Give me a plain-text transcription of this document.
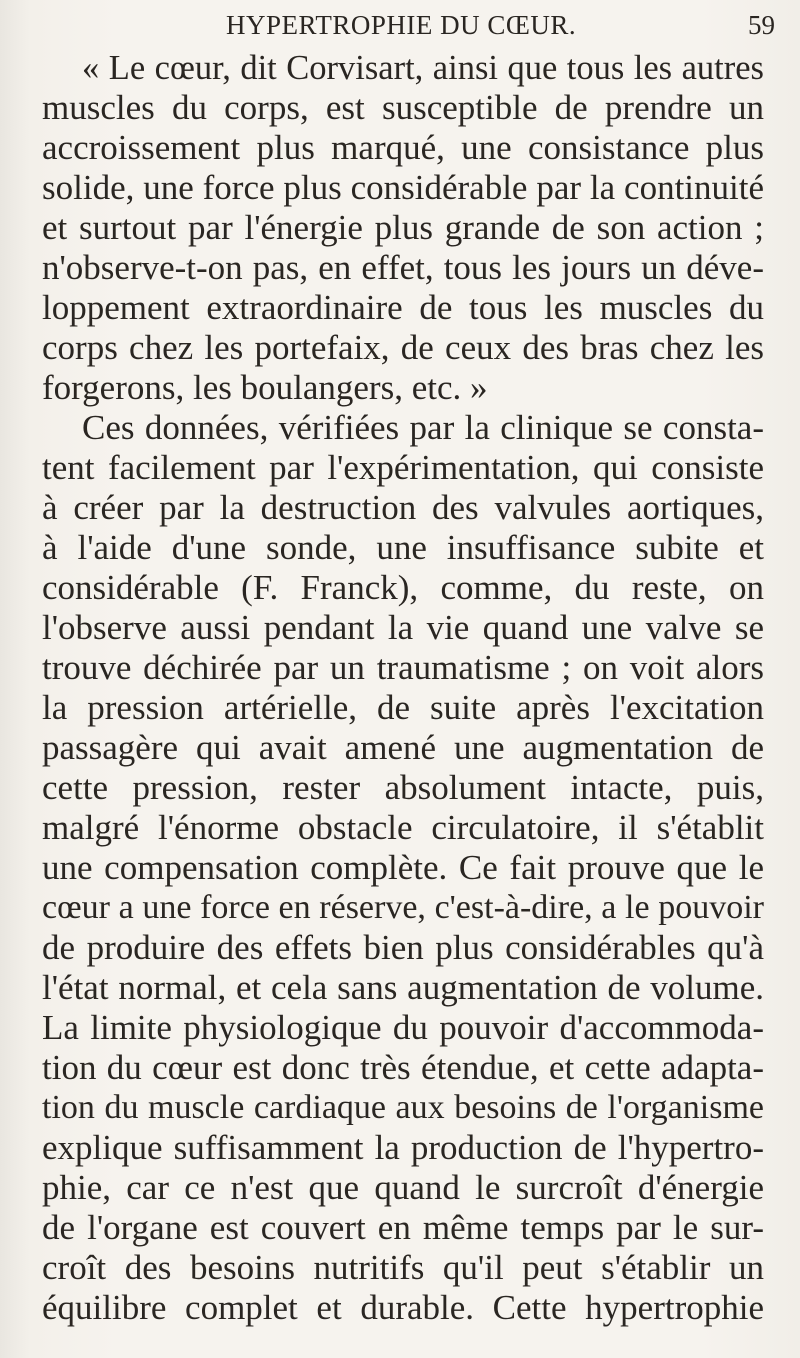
HYPERTROPHIE DU CŒUR.	59
« Le cœur, dit Corvisart, ainsi que tous les autres
muscles du corps, est susceptible de prendre un
accroissement plus marqué, une consistance plus
solide, une force plus considérable par la continuité
et surtout par l'énergie plus grande de son action ;
n'observe-t-on pas, en effet, tous les jours un déve-
loppement extraordinaire de tous les muscles du
corps chez les portefaix, de ceux des bras chez les
forgerons, les boulangers, etc. »
Ces données, vérifiées par la clinique se consta-
tent facilement par l'expérimentation, qui consiste
à créer par la destruction des valvules aortiques,
à l'aide d'une sonde, une insuffisance subite et
considérable (F. Franck), comme, du reste, on
l'observe aussi pendant la vie quand une valve se
trouve déchirée par un traumatisme ; on voit alors
la pression artérielle, de suite après l'excitation
passagère qui avait amené une augmentation de
cette pression, rester absolument intacte, puis,
malgré l'énorme obstacle circulatoire, il s'établit
une compensation complète. Ce fait prouve que le
cœur a une force en réserve, c'est-à-dire, a le pouvoir
de produire des effets bien plus considérables qu'à
l'état normal, et cela sans augmentation de volume.
La limite physiologique du pouvoir d'accommoda-
tion du cœur est donc très étendue, et cette adapta-
tion du muscle cardiaque aux besoins de l'organisme
explique suffisamment la production de l'hypertro-
phie, car ce n'est que quand le surcroît d'énergie
de l'organe est couvert en même temps par le sur-
croît des besoins nutritifs qu'il peut s'établir un
équilibre complet et durable. Cette hypertrophie
